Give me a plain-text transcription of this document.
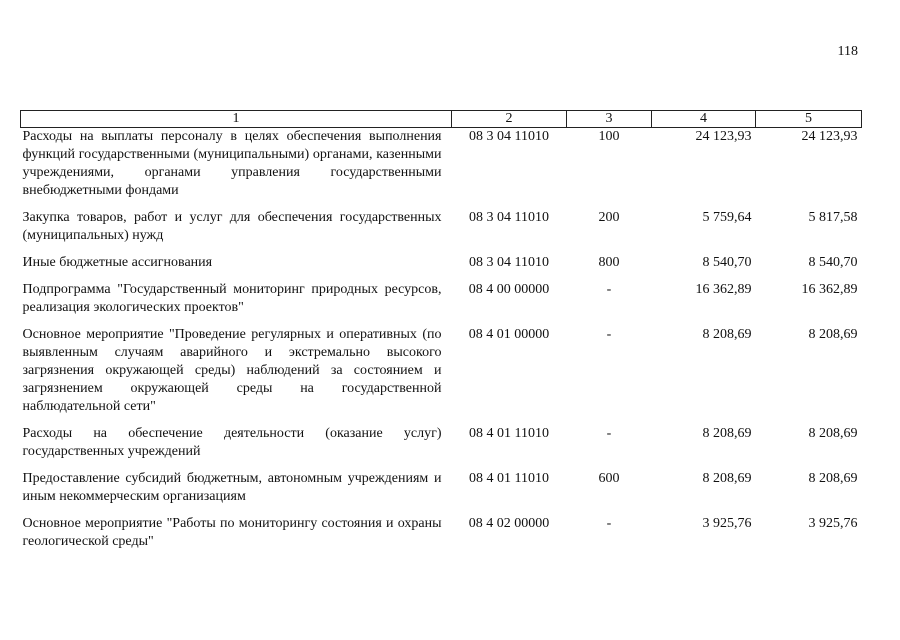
118
1	2	3	4	5
Расходы на выплаты персоналу в целях обеспечения выполнения функций государственными (муниципальными) органами, казенными учреждениями, органами управления государственными внебюджетными фондами	08 3 04 11010	100	24 123,93	24 123,93
Закупка товаров, работ и услуг для обеспечения государственных (муниципальных) нужд	08 3 04 11010	200	5 759,64	5 817,58
Иные бюджетные ассигнования	08 3 04 11010	800	8 540,70	8 540,70
Подпрограмма "Государственный мониторинг природных ресурсов, реализация экологических проектов"	08 4 00 00000	-	16 362,89	16 362,89
Основное мероприятие "Проведение регулярных и оперативных (по выявленным случаям аварийного и экстремально высокого загрязнения окружающей среды) наблюдений за состоянием и загрязнением окружающей среды на государственной наблюдательной сети"	08 4 01 00000	-	8 208,69	8 208,69
Расходы на обеспечение деятельности (оказание услуг) государственных учреждений	08 4 01 11010	-	8 208,69	8 208,69
Предоставление субсидий бюджетным, автономным учреждениям и иным некоммерческим организациям	08 4 01 11010	600	8 208,69	8 208,69
Основное мероприятие "Работы по мониторингу состояния и охраны геологической среды"	08 4 02 00000	-	3 925,76	3 925,76
